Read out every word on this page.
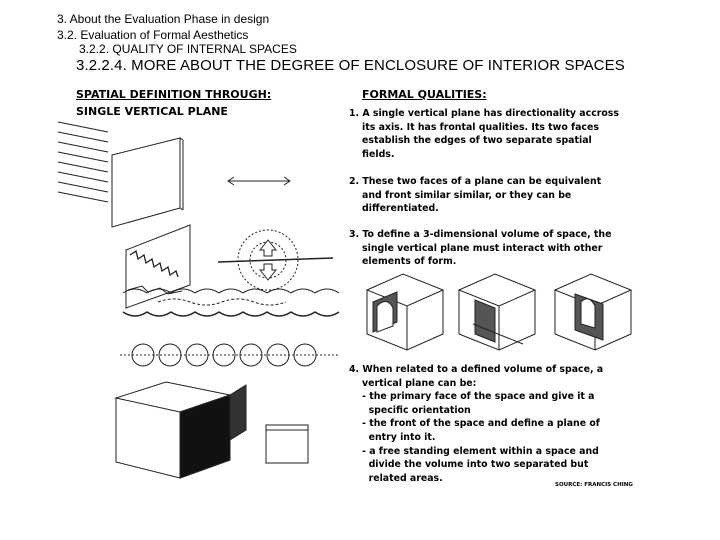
3. About the Evaluation Phase in design
3.2. Evaluation of Formal Aesthetics
3.2.2. QUALITY OF INTERNAL SPACES
3.2.2.4. MORE ABOUT THE DEGREE OF ENCLOSURE OF INTERIOR SPACES
SPATIAL DEFINITION THROUGH:
SINGLE VERTICAL PLANE
FORMAL QUALITIES:
1. A single vertical plane has directionality accross
its axis. It has frontal qualities. Its two faces
establish the edges of two separate spatial
fields.
2. These two faces of a plane can be equivalent
and front similar similar, or they can be
differentiated.
3. To define a 3-dimensional volume of space, the
single vertical plane must interact with other
elements of form.
4. When related to a defined volume of space, a
vertical plane can be:
- the primary face of the space and give it a
specific orientation
- the front of the space and define a plane of
entry into it.
- a free standing element within a space and
divide the volume into two separated but
related areas.
SOURCE: FRANCIS CHING
